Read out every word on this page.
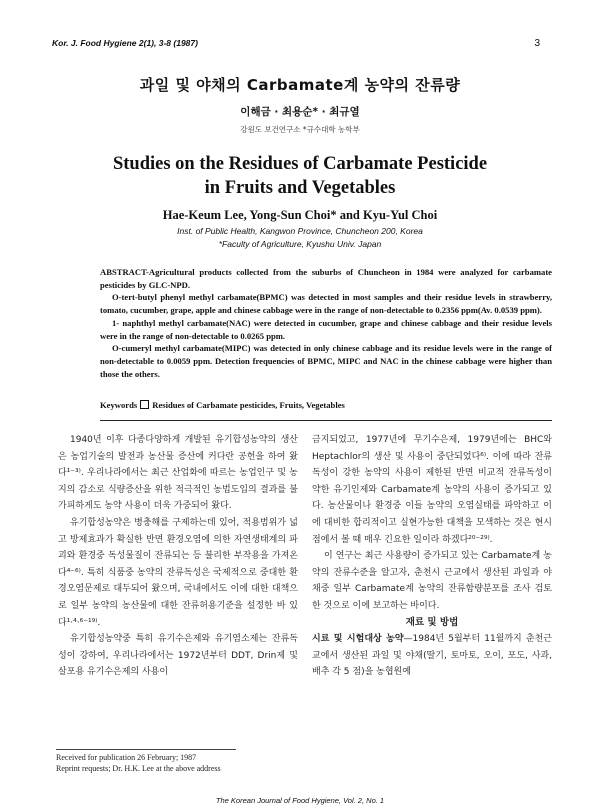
Kor. J. Food Hygiene 2(1), 3-8 (1987)	3
과일 및 야채의 Carbamate계 농약의 잔류량
이해금 · 최용순* · 최규열
강원도 보건연구소 *규수대학 농학부
Studies on the Residues of Carbamate Pesticide
in Fruits and Vegetables
Hae-Keum Lee, Yong-Sun Choi* and Kyu-Yul Choi
Inst. of Public Health, Kangwon Province, Chuncheon 200, Korea
*Faculty of Agriculture, Kyushu Univ. Japan

ABSTRACT-Agricultural products collected from the suburbs of Chuncheon in 1984 were analyzed for carbamate pesticides by GLC-NPD.

O-tert-butyl phenyl methyl carbamate(BPMC) was detected in most samples and their residue levels in strawberry, tomato, cucumber, grape, apple and chinese cabbage were in the range of non-detectable to 0.2356 ppm(Av. 0.0539 ppm).

1- naphthyl methyl carbamate(NAC) were detected in cucumber, grape and chinese cabbage and their residue levels were in the range of non-detectable to 0.0265 ppm.

O-cumeryl methyl carbamate(MIPC) was detected in only chinese cabbage and its residue levels were in the range of non-detectable to 0.0059 ppm. Detection frequencies of BPMC, MIPC and NAC in the chinese cabbage were higher than those the others.

Keywords Residues of Carbamate pesticides, Fruits, Vegetables

1940년 이후 다종다양하게 개발된 유기합성농약의 생산은 농업기술의 발전과 농산물 증산에 커다란 공헌을 하여 왔다¹⁻³⁾. 우리나라에서는 최근 산업화에 따르는 농업인구 및 농지의 감소로 식량증산을 위한 적극적인 농법도입의 결과를 불가피하게도 농약 사용이 더욱 가중되어 왔다.

유기합성농약은 병충해를 구제하는데 있어, 적용범위가 넓고 방제효과가 확실한 반면 환경오염에 의한 자연생태계의 파괴와 환경중 독성물질이 잔류되는 등 불리한 부작용을 가져온다⁴⁻⁶⁾. 특히 식품중 농약의 잔류독성은 국제적으로 중대한 환경오염문제로 대두되어 왔으며, 국내에서도 이에 대한 대책으로 일부 농약의 농산물에 대한 잔류허용기준을 설정한 바 있다¹·⁴·⁶⁻¹⁹⁾.

유기합성농약중 특히 유기수은제와 유기염소제는 잔류독성이 강하여, 우리나라에서는 1972년부터 DDT, Drin제 및 살포용 유기수은제의 사용이

금지되었고, 1977년에 무기수은제, 1979년에는 BHC와 Heptachlor의 생산 및 사용이 중단되었다⁶⁾. 이에 따라 잔류독성이 강한 농약의 사용이 제한된 반면 비교적 잔류독성이 약한 유기인제와 Carbamate계 농약의 사용이 증가되고 있다. 농산물이나 환경중 이들 농약의 오염실태를 파악하고 이에 대비한 합리적이고 실현가능한 대책을 모색하는 것은 현시점에서 볼 때 매우 긴요한 일이라 하겠다²⁰⁻²⁹⁾.

이 연구는 최근 사용량이 증가되고 있는 Carbamate계 농약의 잔류수준을 알고자, 춘천시 근교에서 생산된 과일과 야채중 일부 Carbamate계 농약의 잔류함량분포를 조사 검토한 것으로 이에 보고하는 바이다.

재료 및 방법

시료 및 시험대상 농약—1984년 5월부터 11월까지 춘천근교에서 생산된 과일 및 야채(딸기, 토마토, 오이, 포도, 사과, 배추 각 5 점)을 농협원예

Received for publication 26 February; 1987
Reprint requests; Dr. H.K. Lee at the above address
The Korean Journal of Food Hygiene, Vol. 2, No. 1
